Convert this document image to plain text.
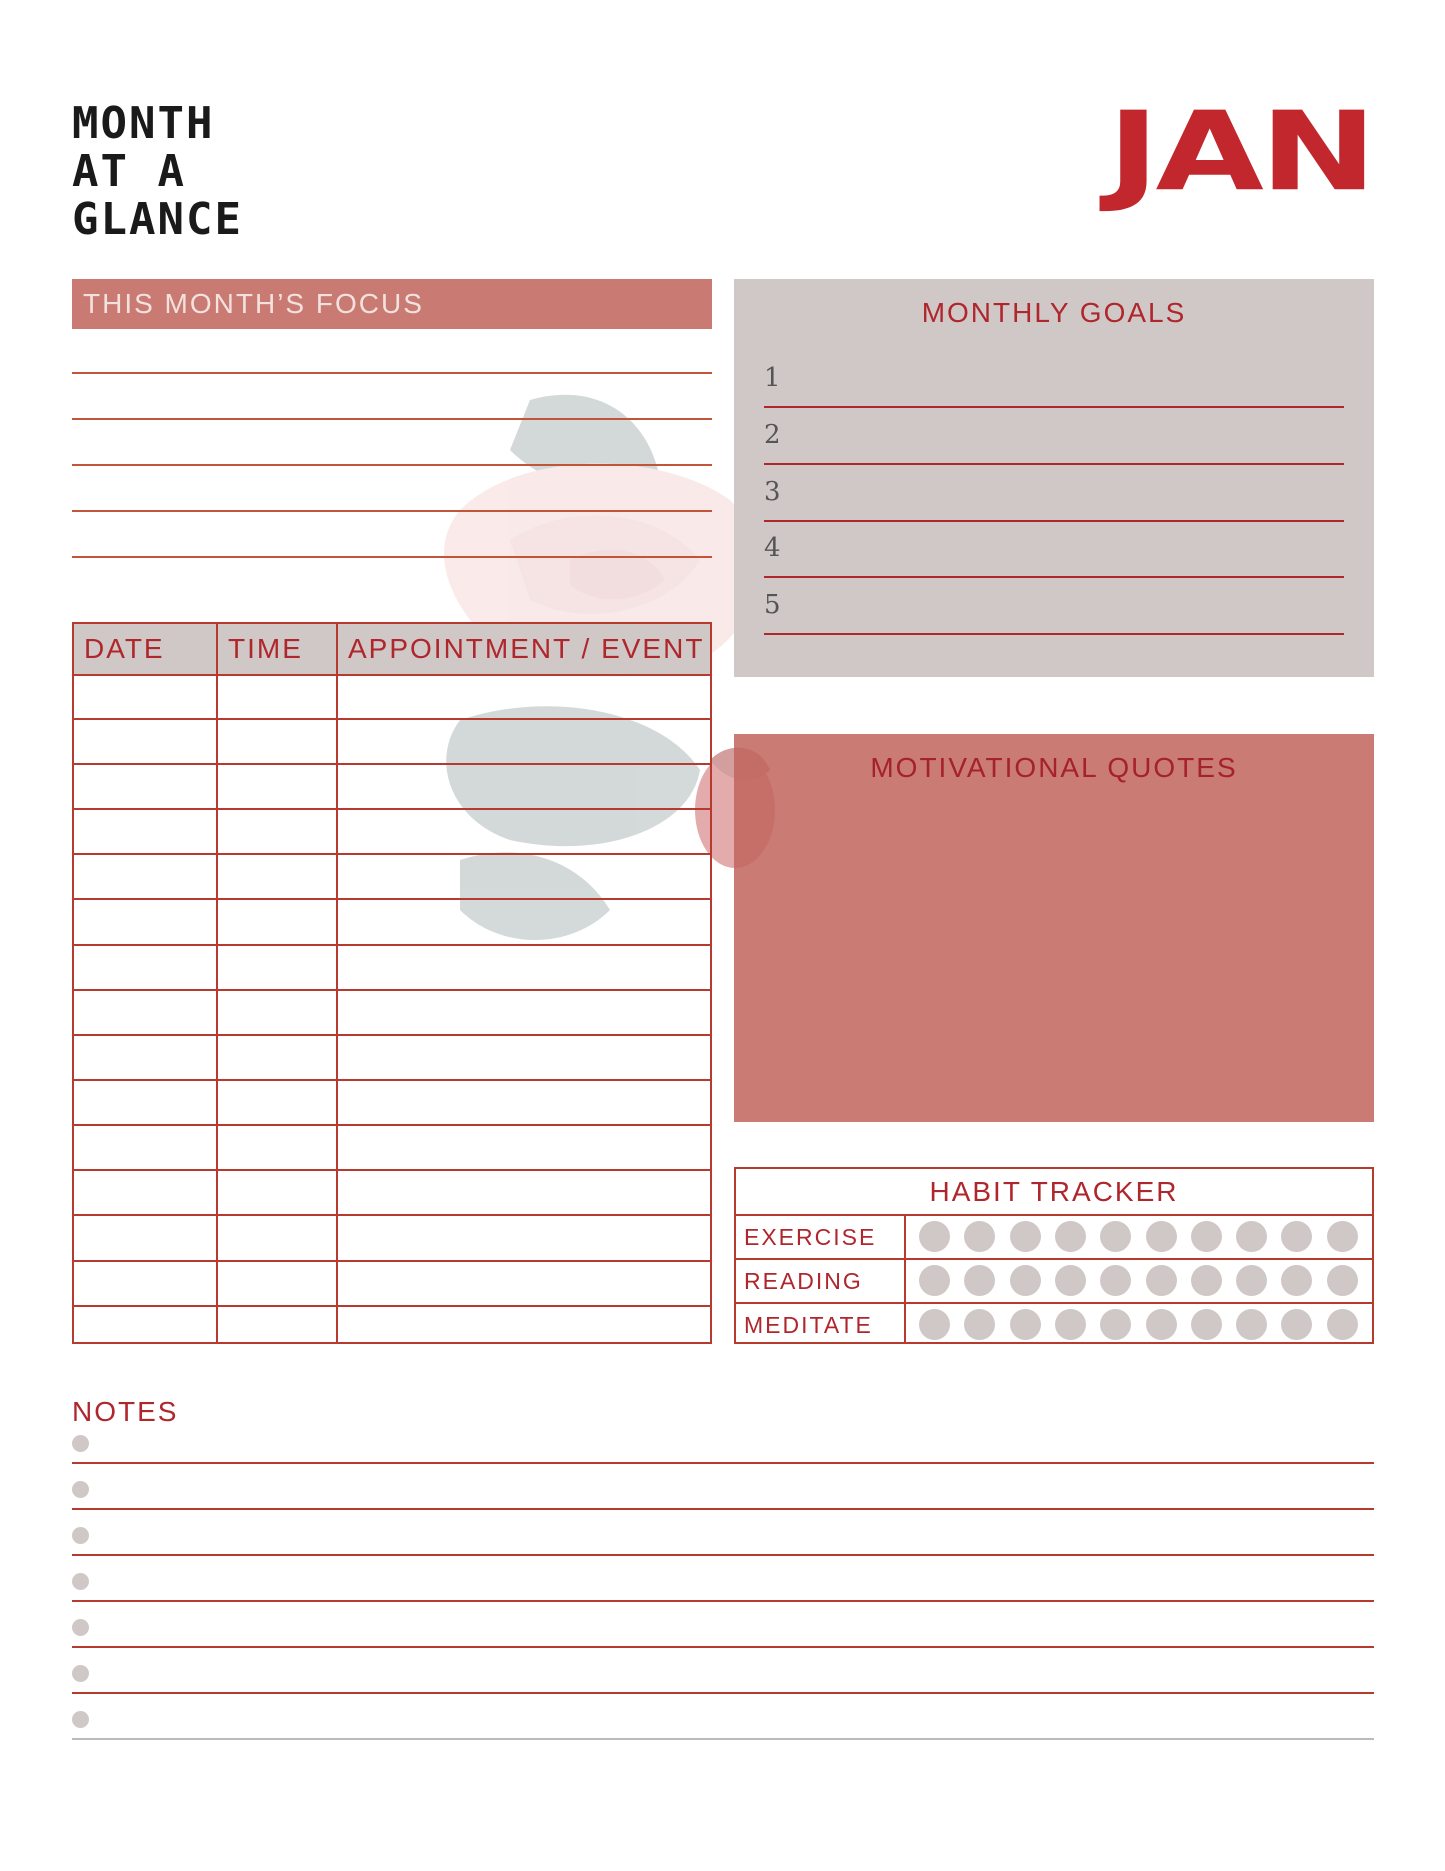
MONTH
AT A
GLANCE
JAN
THIS MONTH’S FOCUS	MONTHLY GOALS
1
2
3
4
5
DATE TIME APPOINTMENT / EVENT
MOTIVATIONAL QUOTES
HABIT TRACKER
EXERCISE
READING
MEDITATE
NOTES
